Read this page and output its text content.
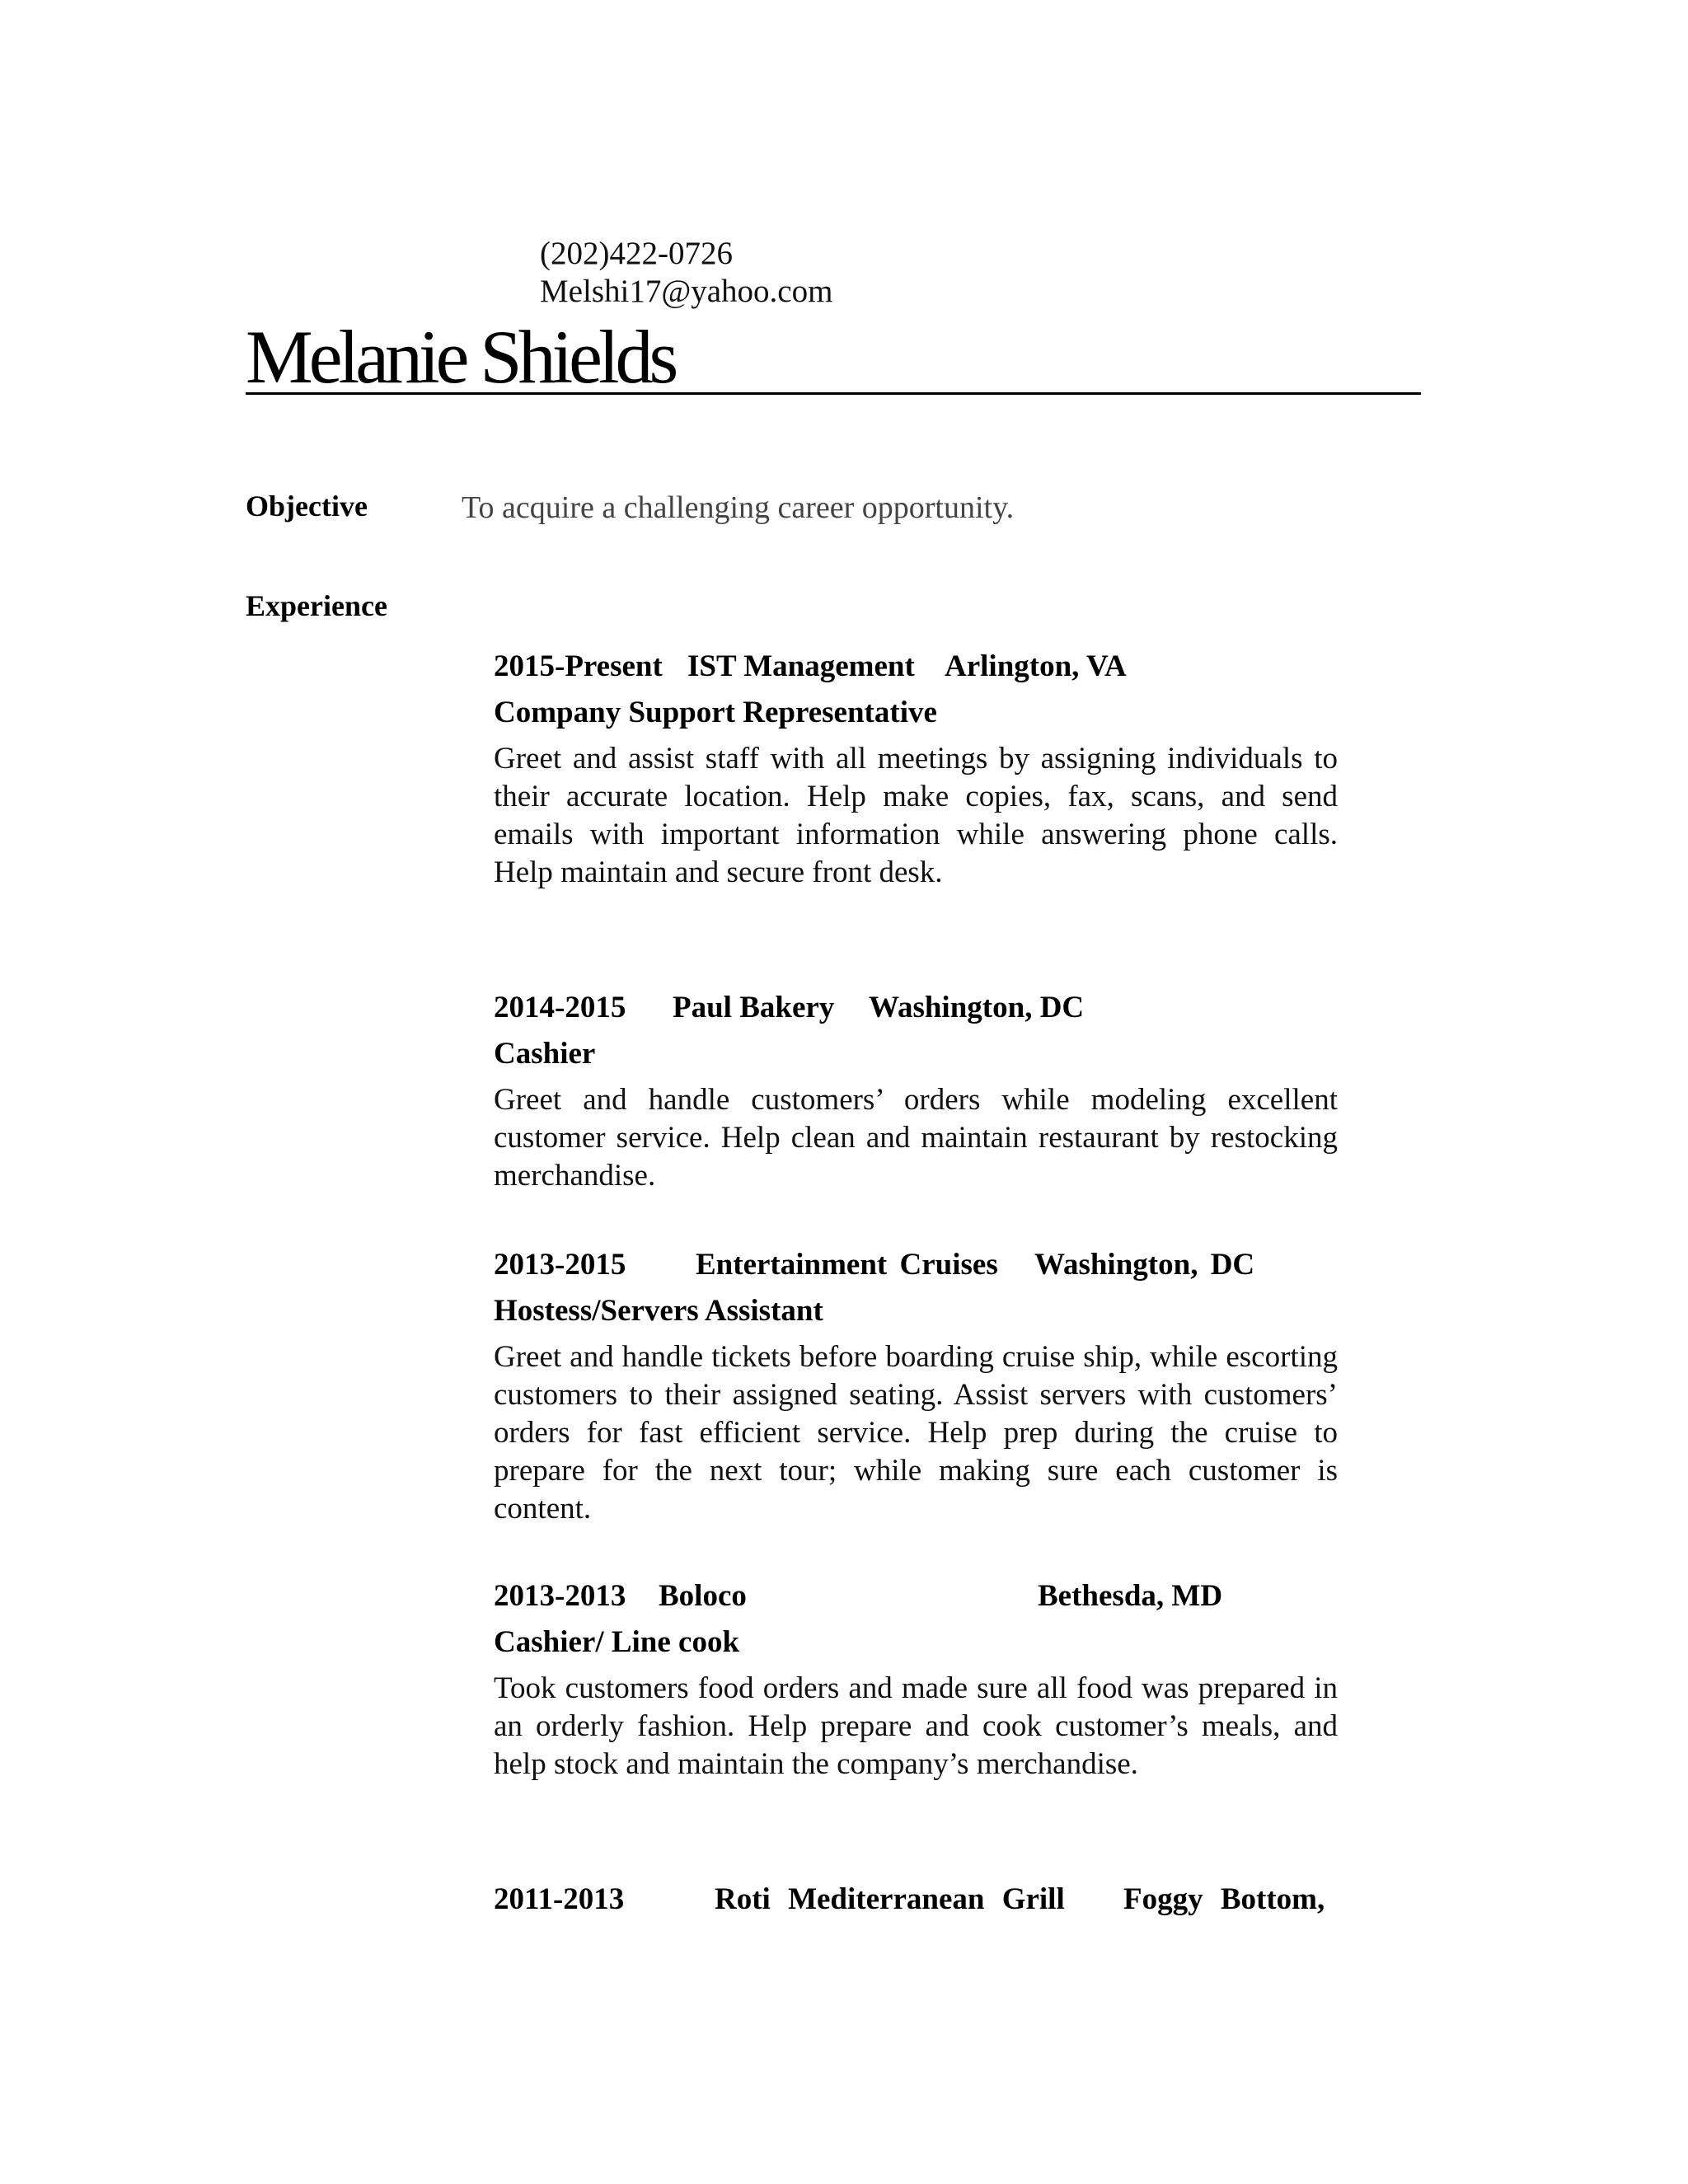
(202)422-0726

Melshi17@yahoo.com

Melanie Shields

Objective	To acquire a challenging career opportunity.

Experience

2015-Present IST Management Arlington, VA
Company Support Representative
Greet and assist staff with all meetings by assigning individuals to their accurate location. Help make copies, fax, scans, and send emails with important information while answering phone calls. Help maintain and secure front desk.
2014-2015 Paul Bakery Washington, DC
Cashier
Greet and handle customers’ orders while modeling excellent customer service. Help clean and maintain restaurant by restocking merchandise.
2013-2015 Entertainment Cruises Washington, DC
Hostess/Servers Assistant
Greet and handle tickets before boarding cruise ship, while escorting customers to their assigned seating. Assist servers with customers’ orders for fast efficient service. Help prep during the cruise to prepare for the next tour; while making sure each customer is content.
2013-2013 Boloco	Bethesda, MD
Cashier/ Line cook
Took customers food orders and made sure all food was prepared in an orderly fashion. Help prepare and cook customer’s meals, and help stock and maintain the company’s merchandise.
2011-2013	Roti Mediterranean Grill Foggy Bottom,
